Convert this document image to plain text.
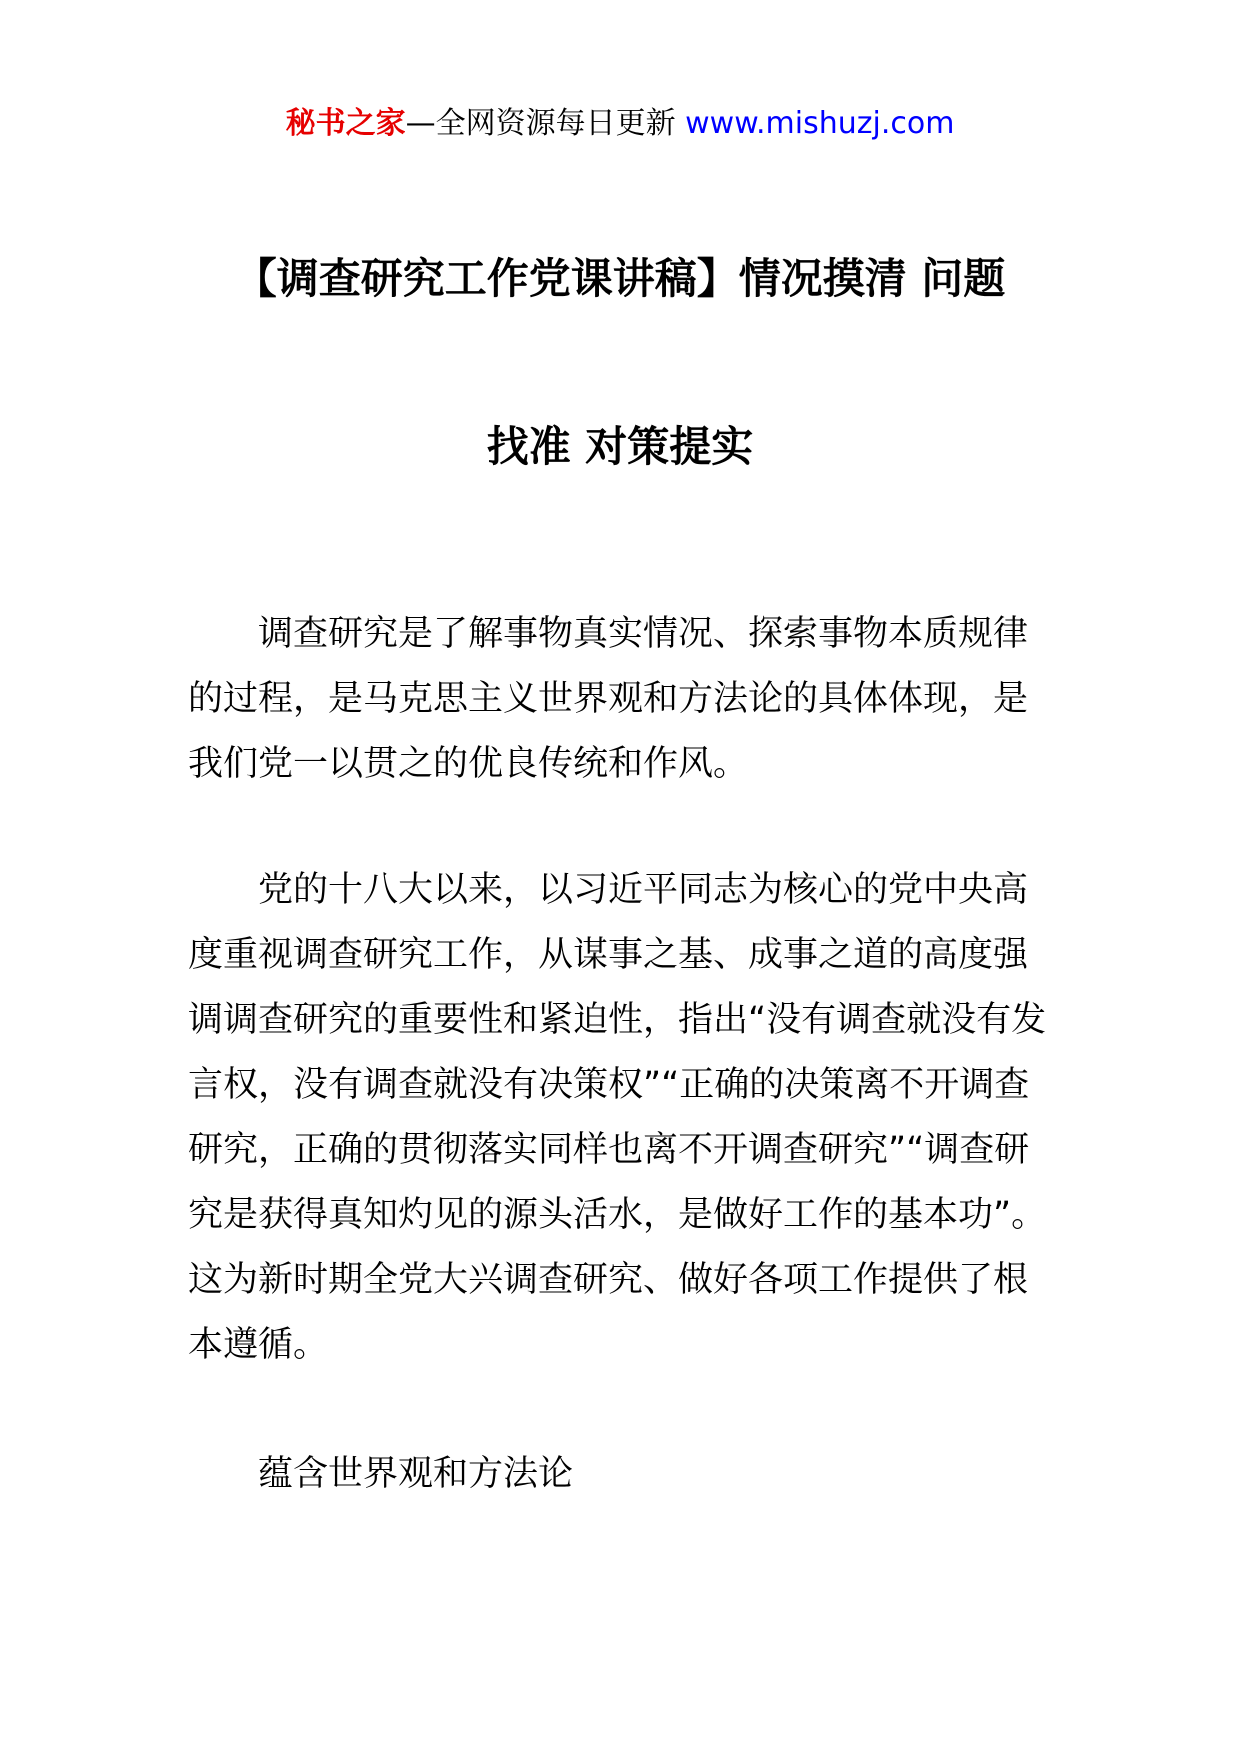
秘书之家—全网资源每日更新 www.mishuzj.com
【调查研究工作党课讲稿】情况摸清 问题
找准 对策提实

调查研究是了解事物真实情况、探索事物本质规律的过程，是马克思主义世界观和方法论的具体体现，是我们党一以贯之的优良传统和作风。

党的十八大以来，以习近平同志为核心的党中央高度重视调查研究工作，从谋事之基、成事之道的高度强调调查研究的重要性和紧迫性，指出“没有调查就没有发言权，没有调查就没有决策权”“正确的决策离不开调查研究，正确的贯彻落实同样也离不开调查研究”“调查研究是获得真知灼见的源头活水，是做好工作的基本功”。这为新时期全党大兴调查研究、做好各项工作提供了根本遵循。

蕴含世界观和方法论
